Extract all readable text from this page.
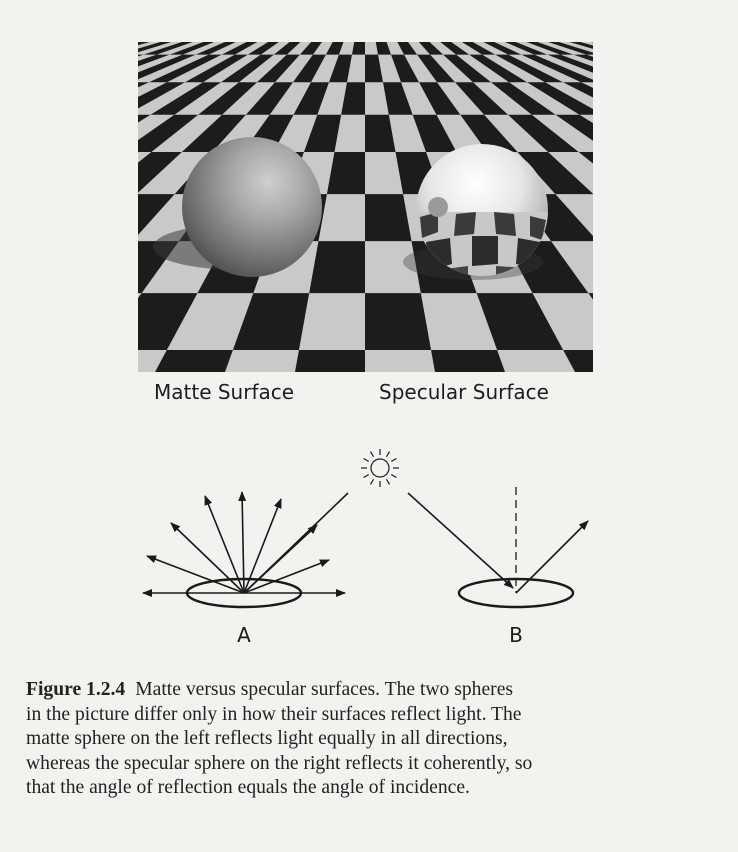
Matte Surface	Specular Surface
A	B
Figure 1.2.4 Matte versus specular surfaces. The two spheres
in the picture differ only in how their surfaces reflect light. The
matte sphere on the left reflects light equally in all directions,
whereas the specular sphere on the right reflects it coherently, so
that the angle of reflection equals the angle of incidence.
